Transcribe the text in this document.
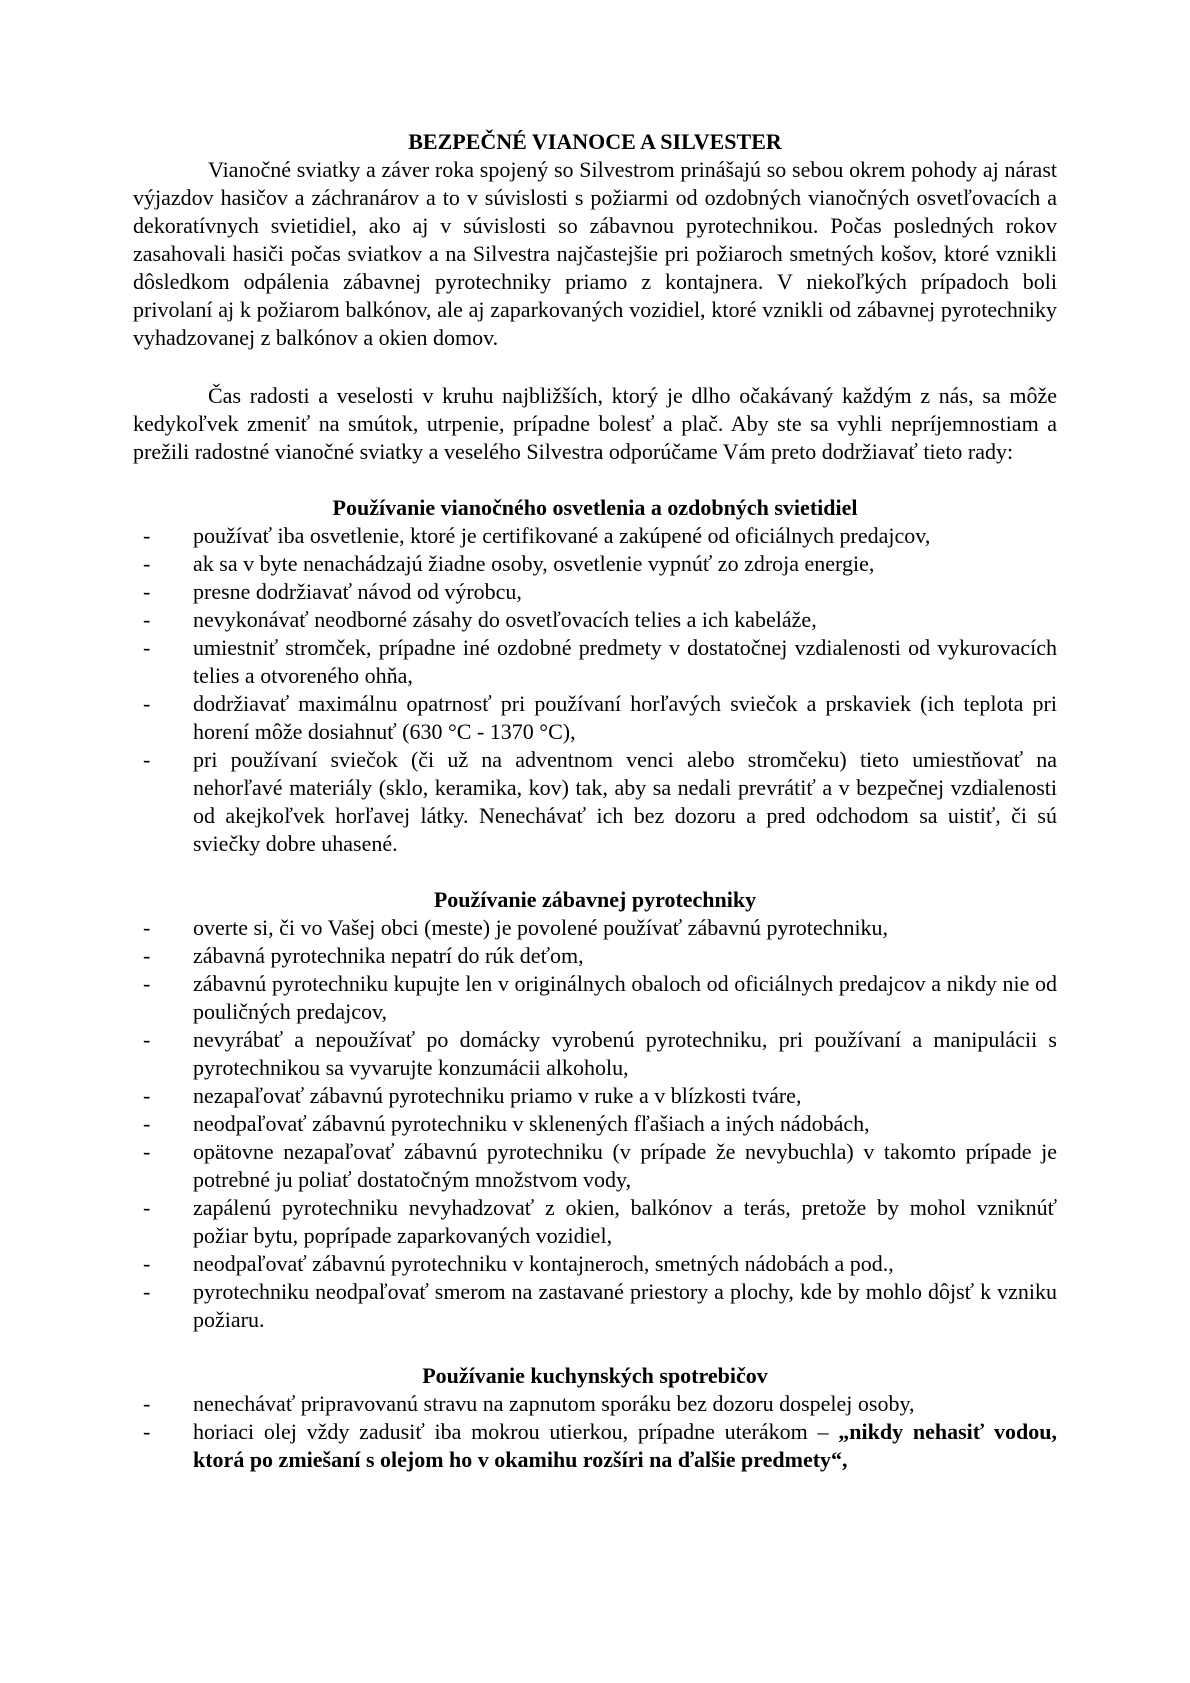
BEZPEČNÉ VIANOCE A SILVESTER

Vianočné sviatky a záver roka spojený so Silvestrom prinášajú so sebou okrem pohody aj nárast výjazdov hasičov a záchranárov a to v súvislosti s požiarmi od ozdobných vianočných osvetľovacích a dekoratívnych svietidiel, ako aj v súvislosti so zábavnou pyrotechnikou. Počas posledných rokov zasahovali hasiči počas sviatkov a na Silvestra najčastejšie pri požiaroch smetných košov, ktoré vznikli dôsledkom odpálenia zábavnej pyrotechniky priamo z kontajnera. V niekoľkých prípadoch boli privolaní aj k požiarom balkónov, ale aj zaparkovaných vozidiel, ktoré vznikli od zábavnej pyrotechniky vyhadzovanej z balkónov a okien domov.

Čas radosti a veselosti v kruhu najbližších, ktorý je dlho očakávaný každým z nás, sa môže kedykoľvek zmeniť na smútok, utrpenie, prípadne bolesť a plač. Aby ste sa vyhli nepríjemnostiam a prežili radostné vianočné sviatky a veselého Silvestra odporúčame Vám preto dodržiavať tieto rady:

Používanie vianočného osvetlenia a ozdobných svietidiel
- používať iba osvetlenie, ktoré je certifikované a zakúpené od oficiálnych predajcov,
- ak sa v byte nenachádzajú žiadne osoby, osvetlenie vypnúť zo zdroja energie,
- presne dodržiavať návod od výrobcu,
- nevykonávať neodborné zásahy do osvetľovacích telies a ich kabeláže,
- umiestniť stromček, prípadne iné ozdobné predmety v dostatočnej vzdialenosti od vykurovacích telies a otvoreného ohňa,
- dodržiavať maximálnu opatrnosť pri používaní horľavých sviečok a prskaviek (ich teplota pri horení môže dosiahnuť (630 °C - 1370 °C),
- pri používaní sviečok (či už na adventnom venci alebo stromčeku) tieto umiestňovať na nehorľavé materiály (sklo, keramika, kov) tak, aby sa nedali prevrátiť a v bezpečnej vzdialenosti od akejkoľvek horľavej látky. Nenechávať ich bez dozoru a pred odchodom sa uistiť, či sú sviečky dobre uhasené.
Používanie zábavnej pyrotechniky
- overte si, či vo Vašej obci (meste) je povolené používať zábavnú pyrotechniku,
- zábavná pyrotechnika nepatrí do rúk deťom,
- zábavnú pyrotechniku kupujte len v originálnych obaloch od oficiálnych predajcov a nikdy nie od pouličných predajcov,
- nevyrábať a nepoužívať po domácky vyrobenú pyrotechniku, pri používaní a manipulácii s pyrotechnikou sa vyvarujte konzumácii alkoholu,
- nezapaľovať zábavnú pyrotechniku priamo v ruke a v blízkosti tváre,
- neodpaľovať zábavnú pyrotechniku v sklenených fľašiach a iných nádobách,
- opätovne nezapaľovať zábavnú pyrotechniku (v prípade že nevybuchla) v takomto prípade je potrebné ju poliať dostatočným množstvom vody,
- zapálenú pyrotechniku nevyhadzovať z okien, balkónov a terás, pretože by mohol vzniknúť požiar bytu, poprípade zaparkovaných vozidiel,
- neodpaľovať zábavnú pyrotechniku v kontajneroch, smetných nádobách a pod.,
- pyrotechniku neodpaľovať smerom na zastavané priestory a plochy, kde by mohlo dôjsť k vzniku požiaru.
Používanie kuchynských spotrebičov
- nenechávať pripravovanú stravu na zapnutom sporáku bez dozoru dospelej osoby,
- horiaci olej vždy zadusiť iba mokrou utierkou, prípadne uterákom – „nikdy nehasiť vodou, ktorá po zmiešaní s olejom ho v okamihu rozšíri na ďalšie predmety“,
